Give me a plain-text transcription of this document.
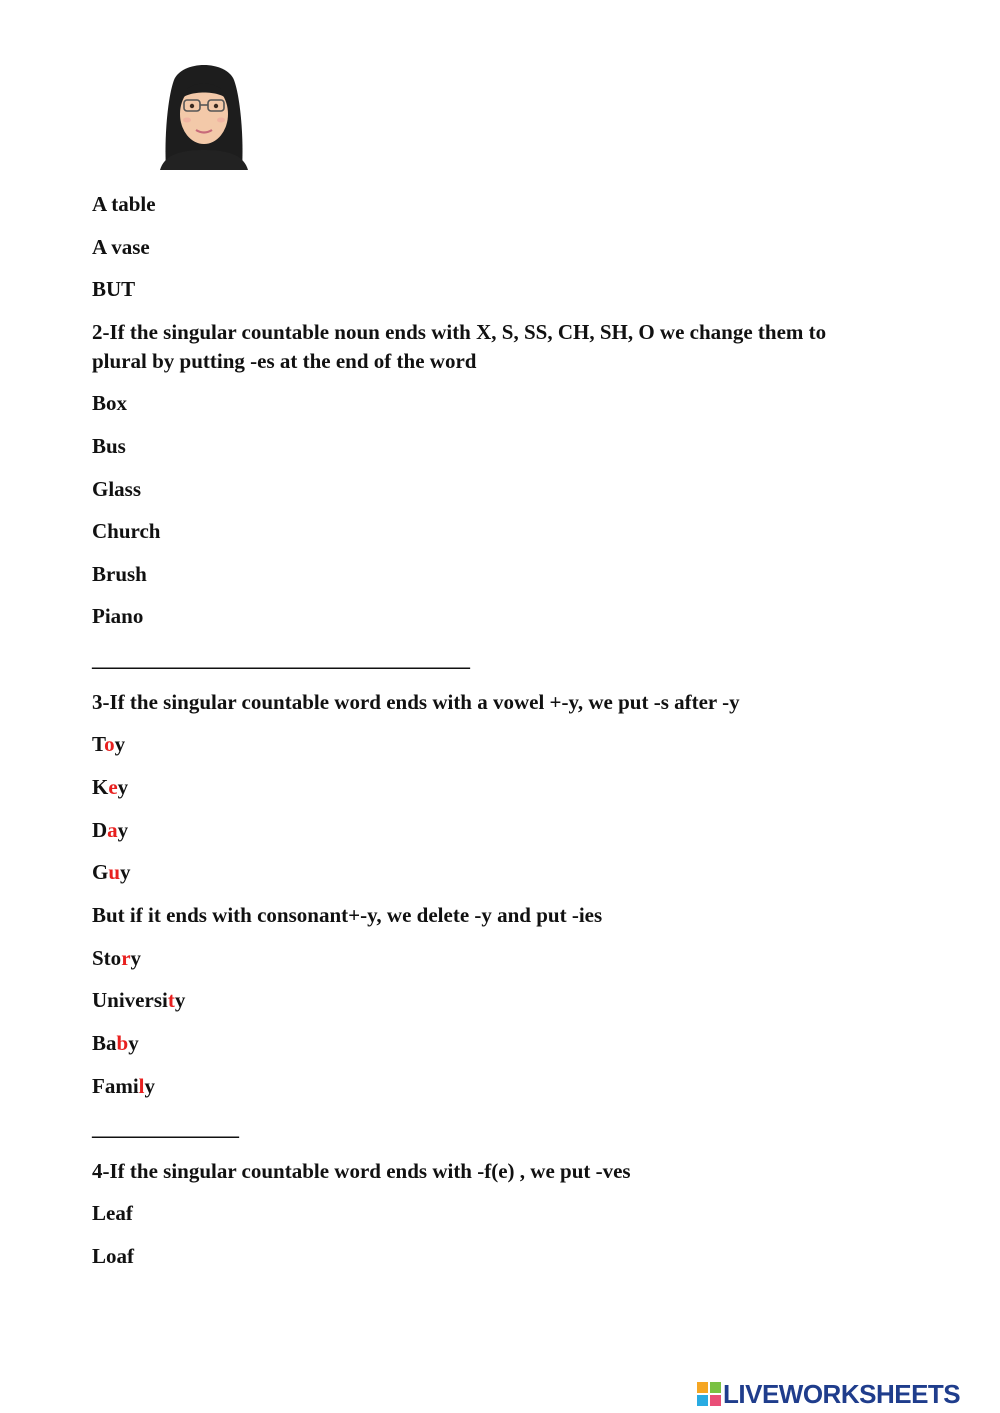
A table
A vase
BUT
2-If the singular countable noun ends with X, S, SS, CH, SH, O we change them to plural by putting -es at the end of the word
Box
Bus
Glass
Church
Brush
Piano
____________________________________
3-If the singular countable word ends with a vowel +-y, we put -s after -y
Toy
Key
Day
Guy
But if it ends with consonant+-y, we delete -y and put -ies
Story
University
Baby
Family
______________
4-If the singular countable word ends with -f(e) , we put -ves
Leaf
Loaf
LIVEWORKSHEETS
